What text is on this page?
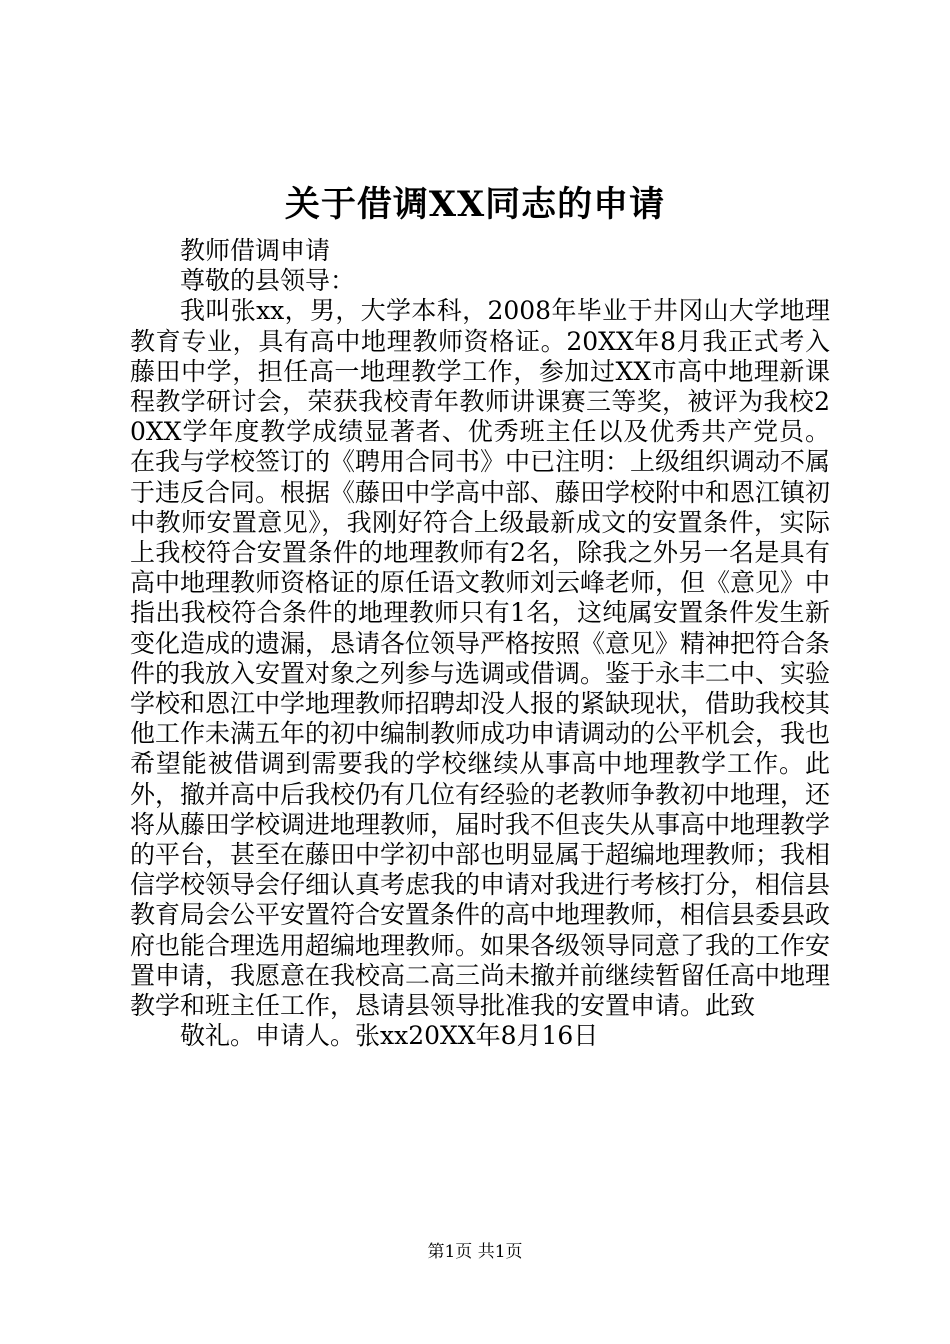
关于借调XX同志的申请

教师借调申请

尊敬的县领导：

我叫张xx，男，大学本科，2008年毕业于井冈山大学地理教育专业，具有高中地理教师资格证。20XX年8月我正式考入藤田中学，担任高一地理教学工作，参加过XX市高中地理新课程教学研讨会，荣获我校青年教师讲课赛三等奖，被评为我校20XX学年度教学成绩显著者、优秀班主任以及优秀共产党员。在我与学校签订的《聘用合同书》中已注明：上级组织调动不属于违反合同。根据《藤田中学高中部、藤田学校附中和恩江镇初中教师安置意见》，我刚好符合上级最新成文的安置条件，实际上我校符合安置条件的地理教师有2名，除我之外另一名是具有高中地理教师资格证的原任语文教师刘云峰老师，但《意见》中指出我校符合条件的地理教师只有1名，这纯属安置条件发生新变化造成的遗漏，恳请各位领导严格按照《意见》精神把符合条件的我放入安置对象之列参与选调或借调。鉴于永丰二中、实验学校和恩江中学地理教师招聘却没人报的紧缺现状，借助我校其他工作未满五年的初中编制教师成功申请调动的公平机会，我也希望能被借调到需要我的学校继续从事高中地理教学工作。此外，撤并高中后我校仍有几位有经验的老教师争教初中地理，还将从藤田学校调进地理教师，届时我不但丧失从事高中地理教学的平台，甚至在藤田中学初中部也明显属于超编地理教师；我相信学校领导会仔细认真考虑我的申请对我进行考核打分，相信县教育局会公平安置符合安置条件的高中地理教师，相信县委县政府也能合理选用超编地理教师。如果各级领导同意了我的工作安置申请，我愿意在我校高二高三尚未撤并前继续暂留任高中地理教学和班主任工作，恳请县领导批准我的安置申请。此致

敬礼。申请人。张xx20XX年8月16日

第1页 共1页
